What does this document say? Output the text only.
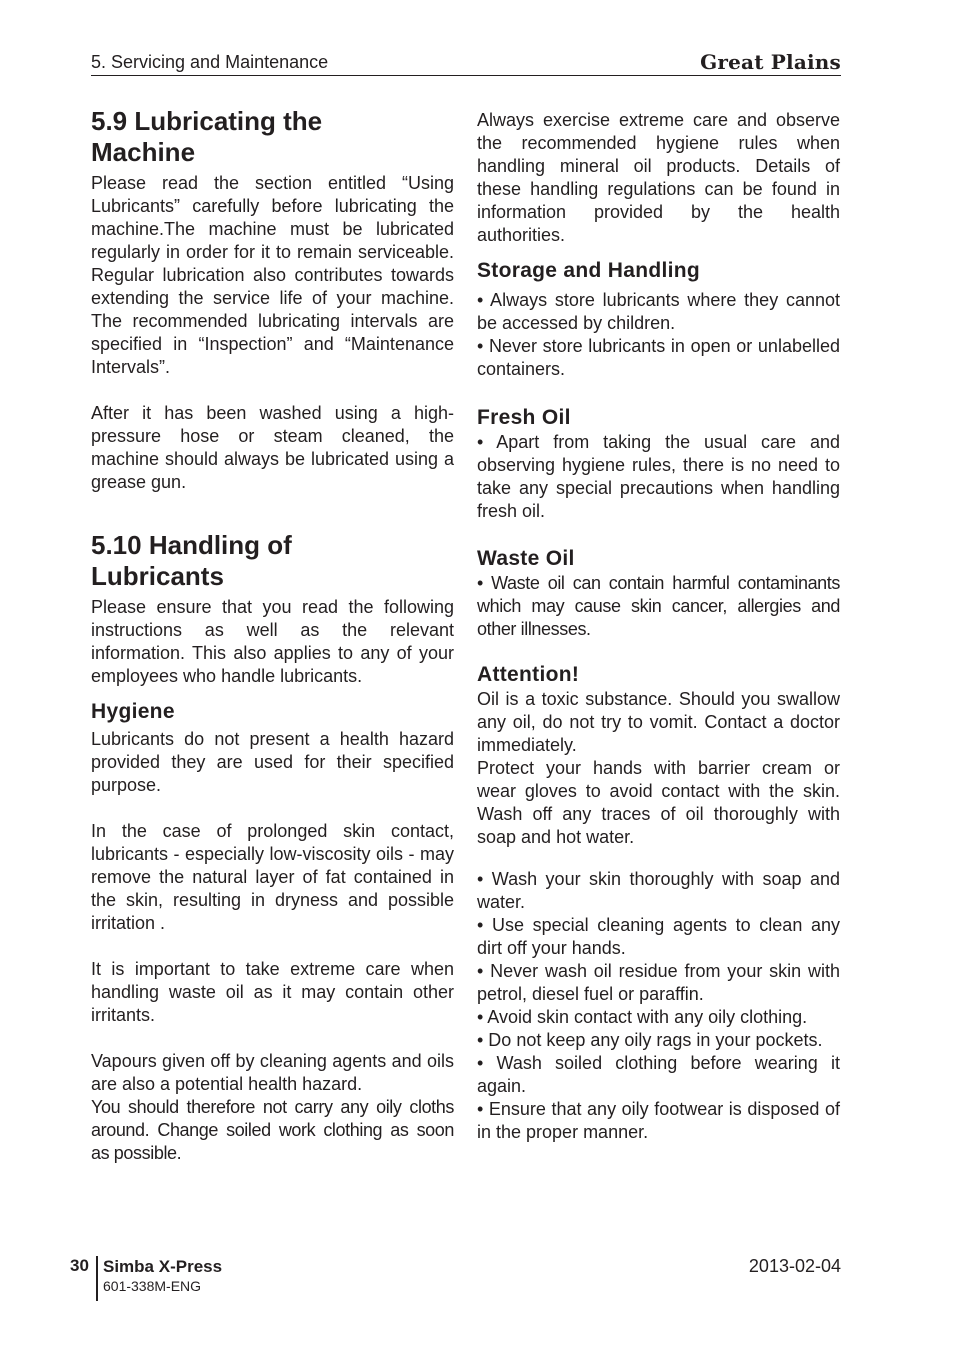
5. Servicing and Maintenance	Great Plains
5.9 Lubricating the
Machine

Please read the section entitled “Using Lubricants” carefully before lubricating the machine.The machine must be lubricated regularly in order for it to remain serviceable. Regular lubrication also contributes towards extending the service life of your machine. The recommended lubricating intervals are specified in “Inspection” and “Maintenance Intervals”.

After it has been washed using a high-pressure hose or steam cleaned, the machine should always be lubricated using a grease gun.

5.10 Handling of
Lubricants

Please ensure that you read the following instructions as well as the relevant information. This also applies to any of your employees who handle lubricants.

Hygiene

Lubricants do not present a health hazard provided they are used for their specified purpose.

In the case of prolonged skin contact, lubricants - especially low-viscosity oils - may remove the natural layer of fat contained in the skin, resulting in dryness and possible irritation .

It is important to take extreme care when handling waste oil as it may contain other irritants.

Vapours given off by cleaning agents and oils are also a potential health hazard.

You should therefore not carry any oily cloths around. Change soiled work clothing as soon as possible.

Always exercise extreme care and observe the recommended hygiene rules when handling mineral oil products. Details of these handling regulations can be found in information provided by the health authorities.

Storage and Handling

• Always store lubricants where they cannot be accessed by children.

• Never store lubricants in open or unlabelled containers.

Fresh Oil

• Apart from taking the usual care and observing hygiene rules, there is no need to take any special precautions when handling fresh oil.

Waste Oil

• Waste oil can contain harmful contaminants which may cause skin cancer, allergies and other illnesses.

Attention!

Oil is a toxic substance. Should you swallow any oil, do not try to vomit. Contact a doctor immediately.

Protect your hands with barrier cream or wear gloves to avoid contact with the skin. Wash off any traces of oil thoroughly with soap and hot water.

• Wash your skin thoroughly with soap and water.

• Use special cleaning agents to clean any dirt off your hands.

• Never wash oil residue from your skin with petrol, diesel fuel or paraffin.

• Avoid skin contact with any oily clothing.

• Do not keep any oily rags in your pockets.

• Wash soiled clothing before wearing it again.

• Ensure that any oily footwear is disposed of in the proper manner.

30 Simba X-Press
601-338M-ENG
2013-02-04
